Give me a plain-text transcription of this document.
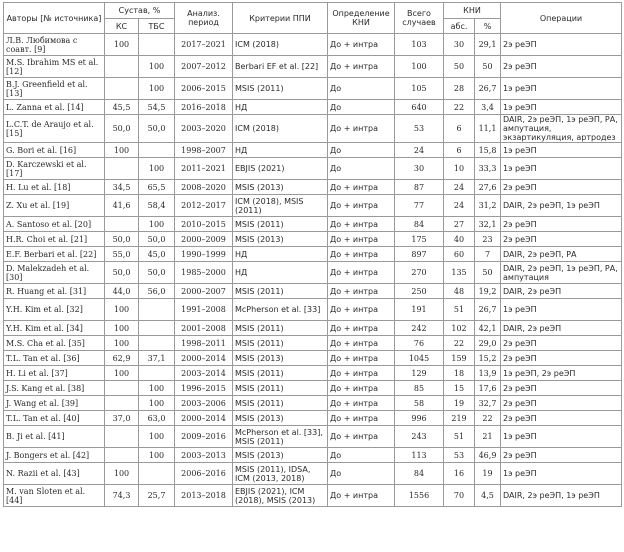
Авторы [№ источника]	Сустав, %		Анализ. период	Критерии ППИ	Определение КНИ	Всего случаев	КНИ		Операции
	КС	ТБС					абс.	%	
Л.В. Любимова с соавт. [9]	100		2017–2021	ICM (2018)	До + интра	103	30	29,1	2э реЭП
M.S. Ibrahim MS et al. [12]		100	2007–2012	Berbari EF et al. [22]	До + интра	100	50	50	2э реЭП
B.J. Greenfield et al. [13]		100	2006–2015	MSIS (2011)	До	105	28	26,7	1э реЭП
L. Zanna et al. [14]	45,5	54,5	2016–2018	НД	До	640	22	3,4	1э реЭП
L.C.T. de Araujo et al. [15]	50,0	50,0	2003–2020	ICM (2018)	До + интра	53	6	11,1	DAIR, 2э реЭП, 1э реЭП, РА, ампутация, экзартикуляция, артродез
G. Bori et al. [16]	100		1998–2007	НД	До	24	6	15,8	1э реЭП
D. Karczewski et al. [17]		100	2011–2021	EBJIS (2021)	До	30	10	33,3	1э реЭП
H. Lu et al. [18]	34,5	65,5	2008–2020	MSIS (2013)	До + интра	87	24	27,6	2э реЭП
Z. Xu et al. [19]	41,6	58,4	2012–2017	ICM (2018), MSIS (2011)	До + интра	77	24	31,2	DAIR, 2э реЭП, 1э реЭП
A. Santoso et al. [20]		100	2010–2015	MSIS (2011)	До + интра	84	27	32,1	2э реЭП
H.R. Choi et al. [21]	50,0	50,0	2000–2009	MSIS (2013)	До + интра	175	40	23	2э реЭП
E.F. Berbari et al. [22]	55,0	45,0	1990–1999	НД	До + интра	897	60	7	DAIR, 2э реЭП, РА
D. Malekzadeh et al. [30]	50,0	50,0	1985–2000	НД	До + интра	270	135	50	DAIR, 2э реЭП, 1э реЭП, РА, ампутация
R. Huang et al. [31]	44,0	56,0	2000–2007	MSIS (2011)	До + интра	250	48	19,2	DAIR, 2э реЭП
Y.H. Kim et al. [32]	100		1991–2008	McPherson et al. [33]	До + интра	191	51	26,7	1э реЭП
Y.H. Kim et al. [34]	100		2001–2008	MSIS (2011)	До + интра	242	102	42,1	DAIR, 2э реЭП
M.S. Cha et al. [35]	100		1998–2011	MSIS (2011)	До + интра	76	22	29,0	2э реЭП
T.L. Tan et al. [36]	62,9	37,1	2000–2014	MSIS (2013)	До + интра	1045	159	15,2	2э реЭП
H. Li et al. [37]	100		2003–2014	MSIS (2011)	До + интра	129	18	13,9	1э реЭП, 2э реЭП
J.S. Kang et al. [38]		100	1996–2015	MSIS (2011)	До + интра	85	15	17,6	2э реЭП
J. Wang et al. [39]		100	2003–2006	MSIS (2011)	До + интра	58	19	32,7	2э реЭП
T.L. Tan et al. [40]	37,0	63,0	2000–2014	MSIS (2013)	До + интра	996	219	22	2э реЭП
B. Ji et al. [41]		100	2009–2016	McPherson et al. [33], MSIS (2011)	До + интра	243	51	21	1э реЭП
J. Bongers et al. [42]		100	2003–2013	MSIS (2013)	До	113	53	46,9	2э реЭП
N. Razii et al. [43]	100		2006–2016	MSIS (2011), IDSA, ICM (2013, 2018)	До	84	16	19	1э реЭП
M. van Sloten et al. [44]	74,3	25,7	2013–2018	EBJIS (2021), ICM (2018), MSIS (2013)	До + интра	1556	70	4,5	DAIR, 2э реЭП, 1э реЭП
